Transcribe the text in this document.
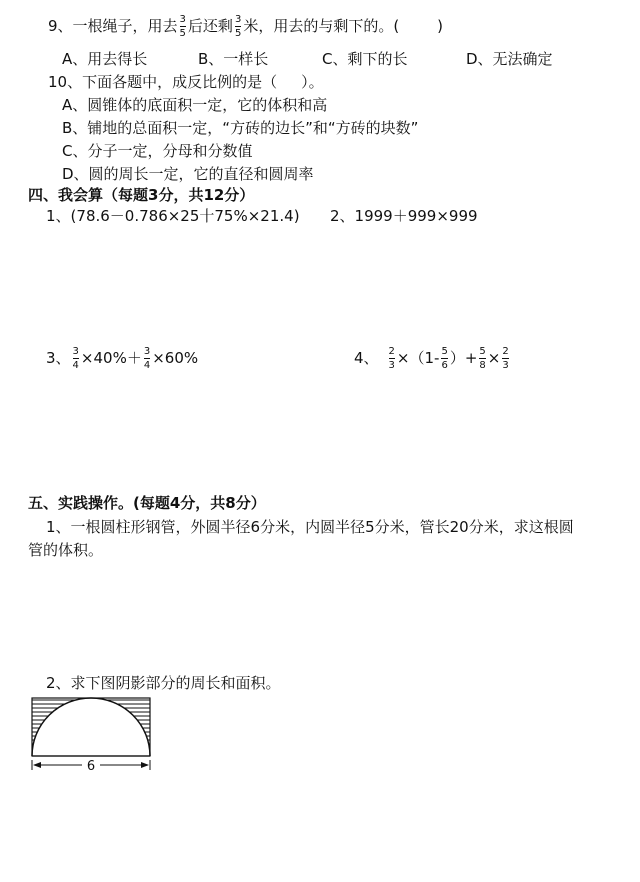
9、一根绳子，用去 $\frac{3}{5}$ 后还剩 $\frac{3}{5}$ 米，用去的与剩下的。(	)
A、用去得长	B、一样长	C、剩下的长	D、无法确定
10、下面各题中，成反比例的是（ ）。
A、圆锥体的底面积一定，它的体积和高
B、铺地的总面积一定，“方砖的边长”和“方砖的块数”
C、分子一定，分母和分数值
D、圆的周长一定，它的直径和圆周率
四、我会算（每题3分，共12分）
1、(78.6－0.786×25十75%×21.4) 2、1999＋999×999
3、 $\frac{3}{4} \times 40\%+ \frac{3}{4} \times 60\%$	4、 $\frac{2}{3} \times(1- \frac{5}{6}$ ）+ $\frac{5}{8} \times \frac{2}{3}$
五、实践操作。(每题4分，共8分）
1、一根圆柱形钢管，外圆半径6分米，内圆半径5分米，管长20分米，求这根圆
管的体积。
2、求下图阴影部分的周长和面积。
6
